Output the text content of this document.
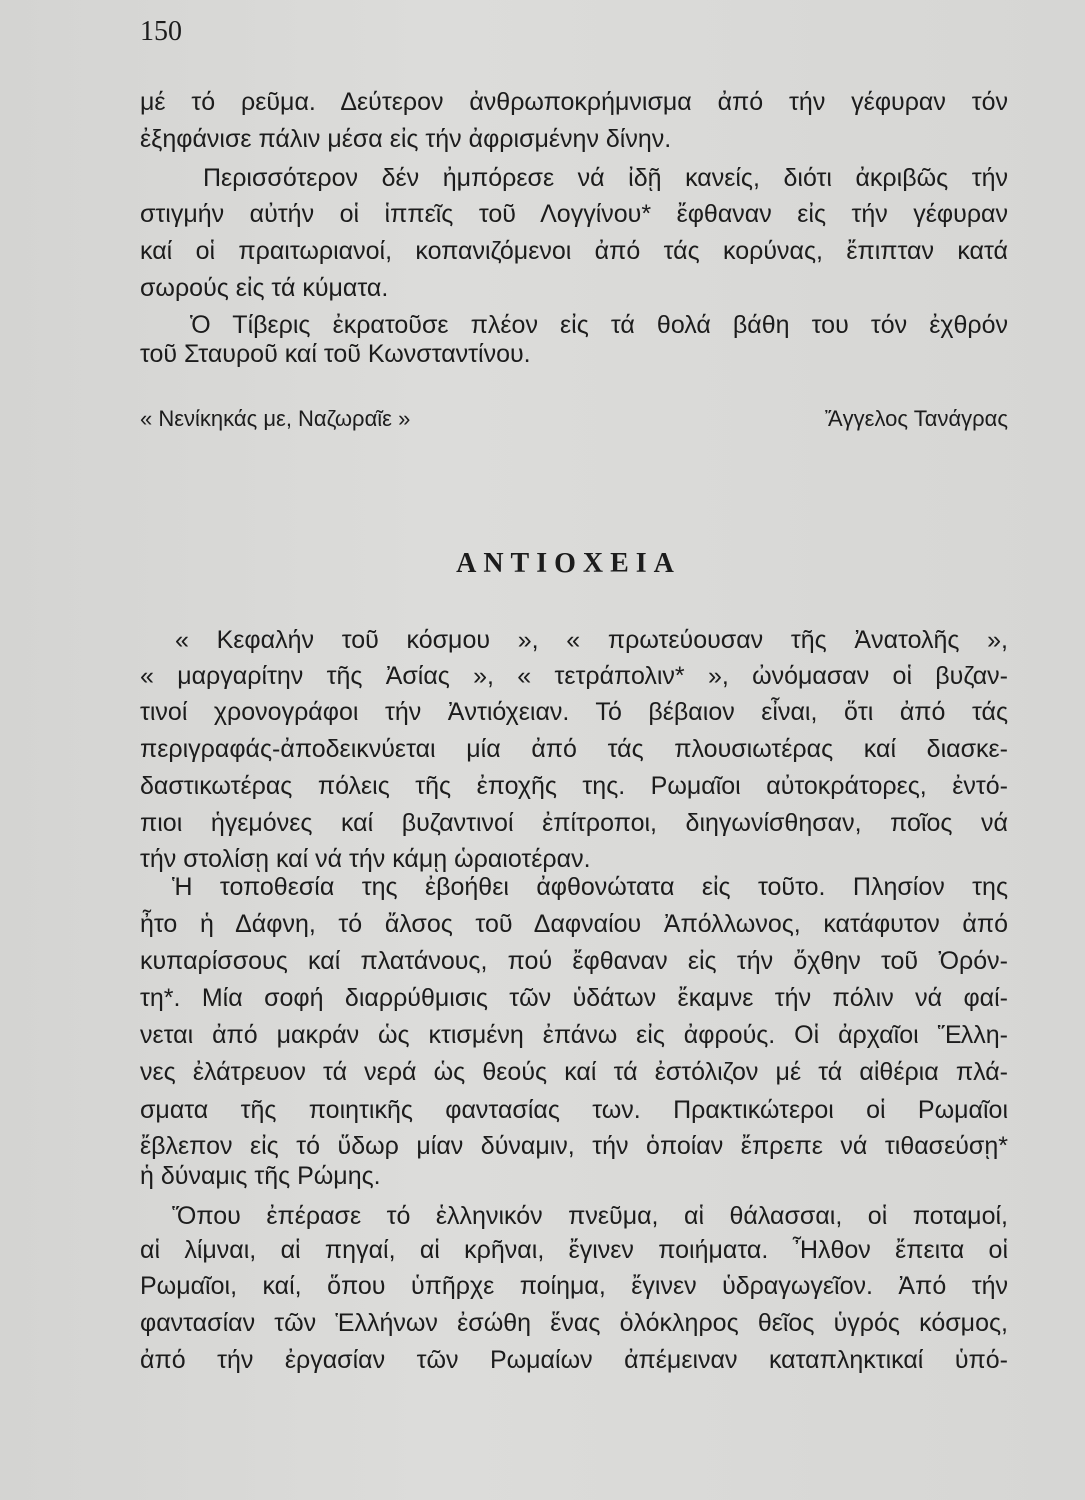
150
μέ τό ρεῦμα. Δεύτερον ἀνθρωποκρήμνισμα ἀπό τήν γέφυραν τόν
ἐξηφάνισε πάλιν μέσα εἰς τήν ἀφρισμένην δίνην.
Περισσότερον δέν ἠμπόρεσε νά ἰδῇ κανείς, διότι ἀκριβῶς τήν
στιγμήν αὐτήν οἱ ἱππεῖς τοῦ Λογγίνου* ἔφθαναν εἰς τήν γέφυραν
καί οἱ πραιτωριανοί, κοπανιζόμενοι ἀπό τάς κορύνας, ἔπιπταν κατά
σωρούς εἰς τά κύματα.
Ὁ Τίβερις ἐκρατοῦσε πλέον εἰς τά θολά βάθη του τόν ἐχθρόν
τοῦ Σταυροῦ καί τοῦ Κωνσταντίνου.
« Νενίκηκάς με, Ναζωραῖε »	Ἄγγελος Τανάγρας
ΑΝΤΙΟΧΕΙΑ
« Κεφαλήν τοῦ κόσμου », « πρωτεύουσαν τῆς Ἀνατολῆς »,
« μαργαρίτην τῆς Ἀσίας », « τετράπολιν* », ὠνόμασαν οἱ βυζαν-
τινοί χρονογράφοι τήν Ἀντιόχειαν. Τό βέβαιον εἶναι, ὅτι ἀπό τάς
περιγραφάς-ἀποδεικνύεται μία ἀπό τάς πλουσιωτέρας καί διασκε-
δαστικωτέρας πόλεις τῆς ἐποχῆς της. Ρωμαῖοι αὐτοκράτορες, ἐντό-
πιοι ἡγεμόνες καί βυζαντινοί ἐπίτροποι, διηγωνίσθησαν, ποῖος νά
τήν στολίσῃ καί νά τήν κάμῃ ὡραιοτέραν.
Ἡ τοποθεσία της ἐβοήθει ἀφθονώτατα εἰς τοῦτο. Πλησίον της
ἦτο ἡ Δάφνη, τό ἄλσος τοῦ Δαφναίου Ἀπόλλωνος, κατάφυτον ἀπό
κυπαρίσσους καί πλατάνους, πού ἔφθαναν εἰς τήν ὄχθην τοῦ Ὀρόν-
τη*. Μία σοφή διαρρύθμισις τῶν ὑδάτων ἔκαμνε τήν πόλιν νά φαί-
νεται ἀπό μακράν ὡς κτισμένη ἐπάνω εἰς ἀφρούς. Οἱ ἀρχαῖοι Ἕλλη-
νες ἐλάτρευον τά νερά ὡς θεούς καί τά ἐστόλιζον μέ τά αἰθέρια πλά-
σματα τῆς ποιητικῆς φαντασίας των. Πρακτικώτεροι οἱ Ρωμαῖοι
ἔβλεπον εἰς τό ὕδωρ μίαν δύναμιν, τήν ὁποίαν ἔπρεπε νά τιθασεύσῃ*
ἡ δύναμις τῆς Ρώμης.
Ὅπου ἐπέρασε τό ἑλληνικόν πνεῦμα, αἱ θάλασσαι, οἱ ποταμοί,
αἱ λίμναι, αἱ πηγαί, αἱ κρῆναι, ἔγινεν ποιήματα. Ἦλθον ἔπειτα οἱ
Ρωμαῖοι, καί, ὅπου ὑπῆρχε ποίημα, ἔγινεν ὑδραγωγεῖον. Ἀπό τήν
φαντασίαν τῶν Ἑλλήνων ἐσώθη ἕνας ὁλόκληρος θεῖος ὑγρός κόσμος,
ἀπό τήν ἐργασίαν τῶν Ρωμαίων ἀπέμειναν καταπληκτικαί ὑπό-
